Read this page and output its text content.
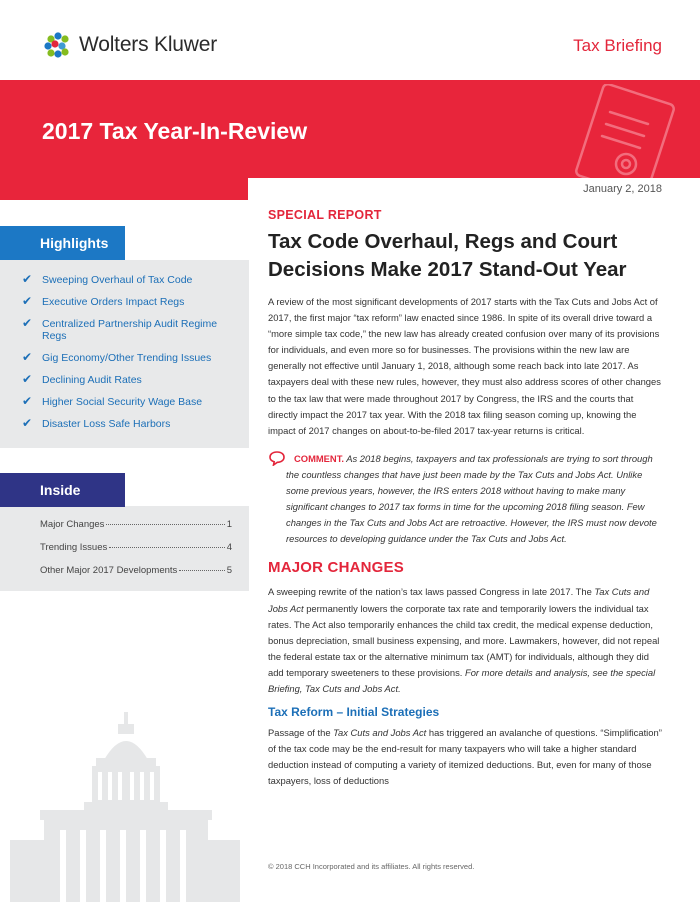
Wolters Kluwer	Tax Briefing
2017 Tax Year-In-Review
January 2, 2018
Highlights
✔ Sweeping Overhaul of Tax Code
✔ Executive Orders Impact Regs
✔ Centralized Partnership Audit Regime Regs
✔ Gig Economy/Other Trending Issues
✔ Declining Audit Rates
✔ Higher Social Security Wage Base
✔ Disaster Loss Safe Harbors
Inside
Major Changes	1
Trending Issues	4
Other Major 2017 Developments	5
SPECIAL REPORT
Tax Code Overhaul, Regs and Court Decisions Make 2017 Stand-Out Year

A review of the most significant developments of 2017 starts with the Tax Cuts and Jobs Act of 2017, the first major “tax reform” law enacted since 1986. In spite of its overall drive toward a “more simple tax code,” the new law has already created confusion over many of its provisions for individuals, and even more so for businesses. The provisions within the new law are generally not effective until January 1, 2018, although some reach back into late 2017. As taxpayers deal with these new rules, however, they must also address scores of other changes to the tax law that were made throughout 2017 by Congress, the IRS and the courts that directly impact the 2017 tax year. With the 2018 tax filing season coming up, knowing the impact of 2017 changes on about-to-be-filed 2017 tax-year returns is critical.

COMMENT. As 2018 begins, taxpayers and tax professionals are trying to sort through the countless changes that have just been made by the Tax Cuts and Jobs Act. Unlike some previous years, however, the IRS enters 2018 without having to make many significant changes to 2017 tax forms in time for the upcoming 2018 filing season. Few changes in the Tax Cuts and Jobs Act are retroactive. However, the IRS must now devote resources to developing guidance under the Tax Cuts and Jobs Act.

MAJOR CHANGES

A sweeping rewrite of the nation’s tax laws passed Congress in late 2017. The Tax Cuts and Jobs Act permanently lowers the corporate tax rate and temporarily lowers the individual tax rates. The Act also temporarily enhances the child tax credit, the medical expense deduction, bonus depreciation, small business expensing, and more. Lawmakers, however, did not repeal the federal estate tax or the alternative minimum tax (AMT) for individuals, although they did add temporary sweeteners to these provisions. For more details and analysis, see the special Briefing, Tax Cuts and Jobs Act.

Tax Reform – Initial Strategies

Passage of the Tax Cuts and Jobs Act has triggered an avalanche of questions. “Simplification” of the tax code may be the end-result for many taxpayers who will take a higher standard deduction instead of computing a variety of itemized deductions. But, even for many of those taxpayers, loss of deductions

© 2018 CCH Incorporated and its affiliates. All rights reserved.
